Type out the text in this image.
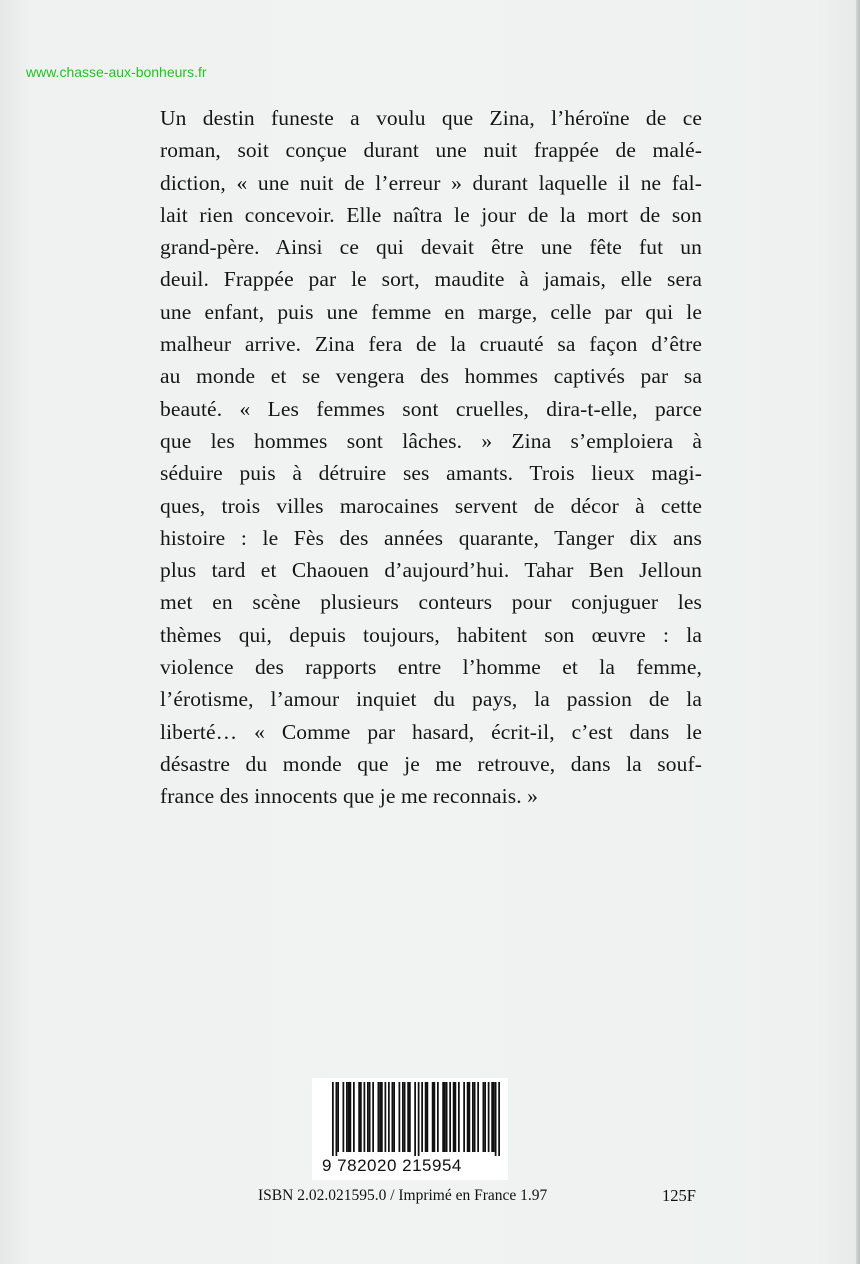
www.chasse-aux-bonheurs.fr
Un destin funeste a voulu que Zina, l’héroïne de ce
roman, soit conçue durant une nuit frappée de malé-
diction, « une nuit de l’erreur » durant laquelle il ne fal-
lait rien concevoir. Elle naîtra le jour de la mort de son
grand-père. Ainsi ce qui devait être une fête fut un
deuil. Frappée par le sort, maudite à jamais, elle sera
une enfant, puis une femme en marge, celle par qui le
malheur arrive. Zina fera de la cruauté sa façon d’être
au monde et se vengera des hommes captivés par sa
beauté. « Les femmes sont cruelles, dira-t-elle, parce
que les hommes sont lâches. » Zina s’emploiera à
séduire puis à détruire ses amants. Trois lieux magi-
ques, trois villes marocaines servent de décor à cette
histoire : le Fès des années quarante, Tanger dix ans
plus tard et Chaouen d’aujourd’hui. Tahar Ben Jelloun
met en scène plusieurs conteurs pour conjuguer les
thèmes qui, depuis toujours, habitent son œuvre : la
violence des rapports entre l’homme et la femme,
l’érotisme, l’amour inquiet du pays, la passion de la
liberté… « Comme par hasard, écrit-il, c’est dans le
désastre du monde que je me retrouve, dans la souf-
france des innocents que je me reconnais. »
9 782020 215954
ISBN 2.02.021595.0 / Imprimé en France 1.97	125F
